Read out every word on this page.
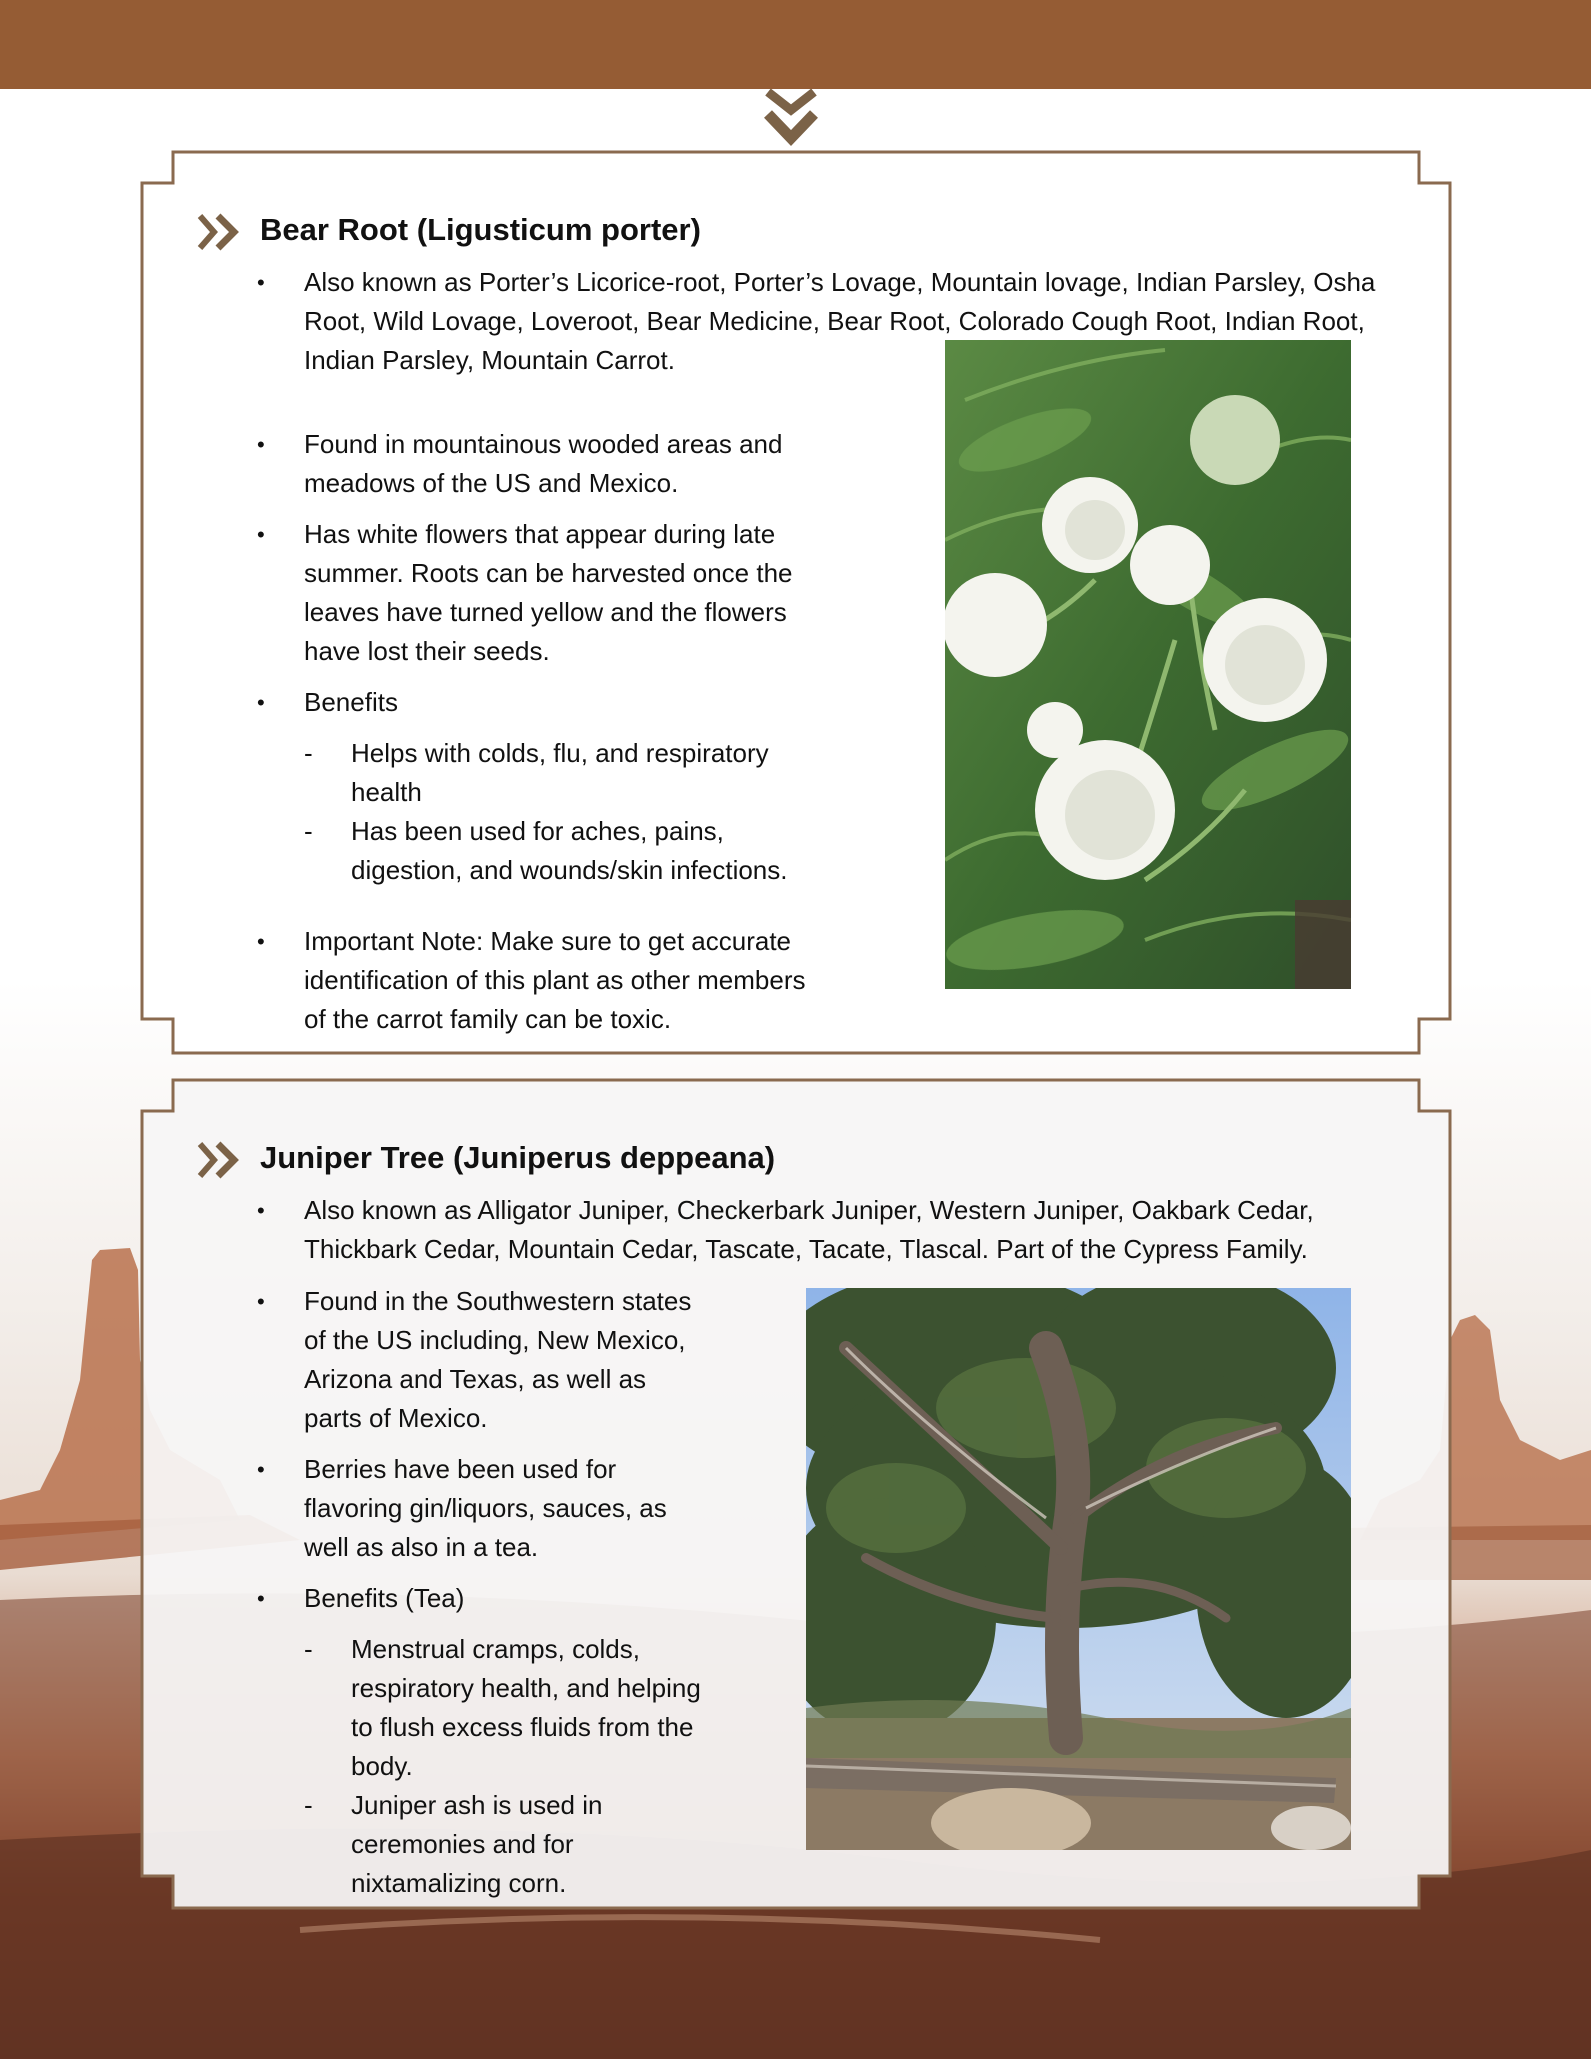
Bear Root (Ligusticum porter)
• Also known as Porter’s Licorice-root, Porter’s Lovage, Mountain lovage, Indian Parsley, Osha Root, Wild Lovage, Loveroot, Bear Medicine, Bear Root, Colorado Cough Root, Indian Root, Indian Parsley, Mountain Carrot.
• Found in mountainous wooded areas and meadows of the US and Mexico.
• Has white flowers that appear during late summer. Roots can be harvested once the leaves have turned yellow and the flowers have lost their seeds.
• Benefits
- Helps with colds, flu, and respiratory health
- Has been used for aches, pains, digestion, and wounds/skin infections.
• Important Note: Make sure to get accurate identification of this plant as other members of the carrot family can be toxic.
Juniper Tree (Juniperus deppeana)
• Also known as Alligator Juniper, Checkerbark Juniper, Western Juniper, Oakbark Cedar, Thickbark Cedar, Mountain Cedar, Tascate, Tacate, Tlascal. Part of the Cypress Family.
• Found in the Southwestern states of the US including, New Mexico, Arizona and Texas, as well as parts of Mexico.
• Berries have been used for flavoring gin/liquors, sauces, as well as also in a tea.
• Benefits (Tea)
- Menstrual cramps, colds, respiratory health, and helping to flush excess fluids from the body.
- Juniper ash is used in ceremonies and for nixtamalizing corn.
